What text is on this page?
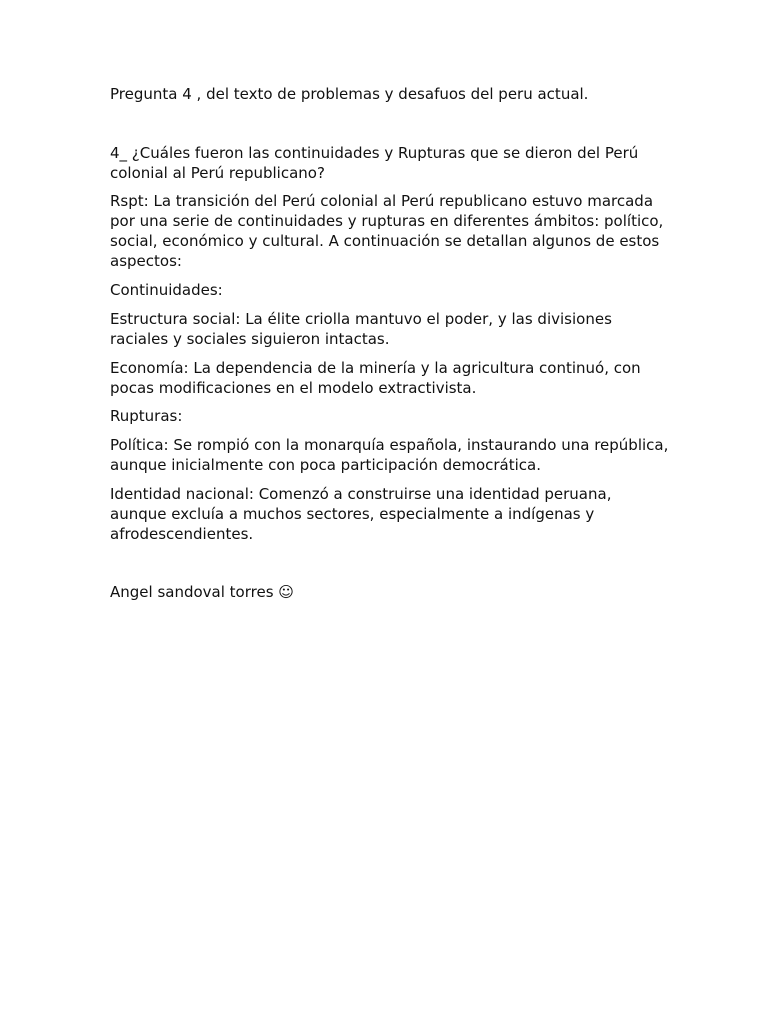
Pregunta 4 , del texto de problemas y desafuos del peru actual.

4_ ¿Cuáles fueron las continuidades y Rupturas que se dieron del Perú colonial al Perú republicano?

Rspt: La transición del Perú colonial al Perú republicano estuvo marcada por una serie de continuidades y rupturas en diferentes ámbitos: político, social, económico y cultural. A continuación se detallan algunos de estos aspectos:

Continuidades:

Estructura social: La élite criolla mantuvo el poder, y las divisiones raciales y sociales siguieron intactas.

Economía: La dependencia de la minería y la agricultura continuó, con pocas modificaciones en el modelo extractivista.

Rupturas:

Política: Se rompió con la monarquía española, instaurando una república, aunque inicialmente con poca participación democrática.

Identidad nacional: Comenzó a construirse una identidad peruana, aunque excluía a muchos sectores, especialmente a indígenas y afrodescendientes.

Angel sandoval torres ☺
